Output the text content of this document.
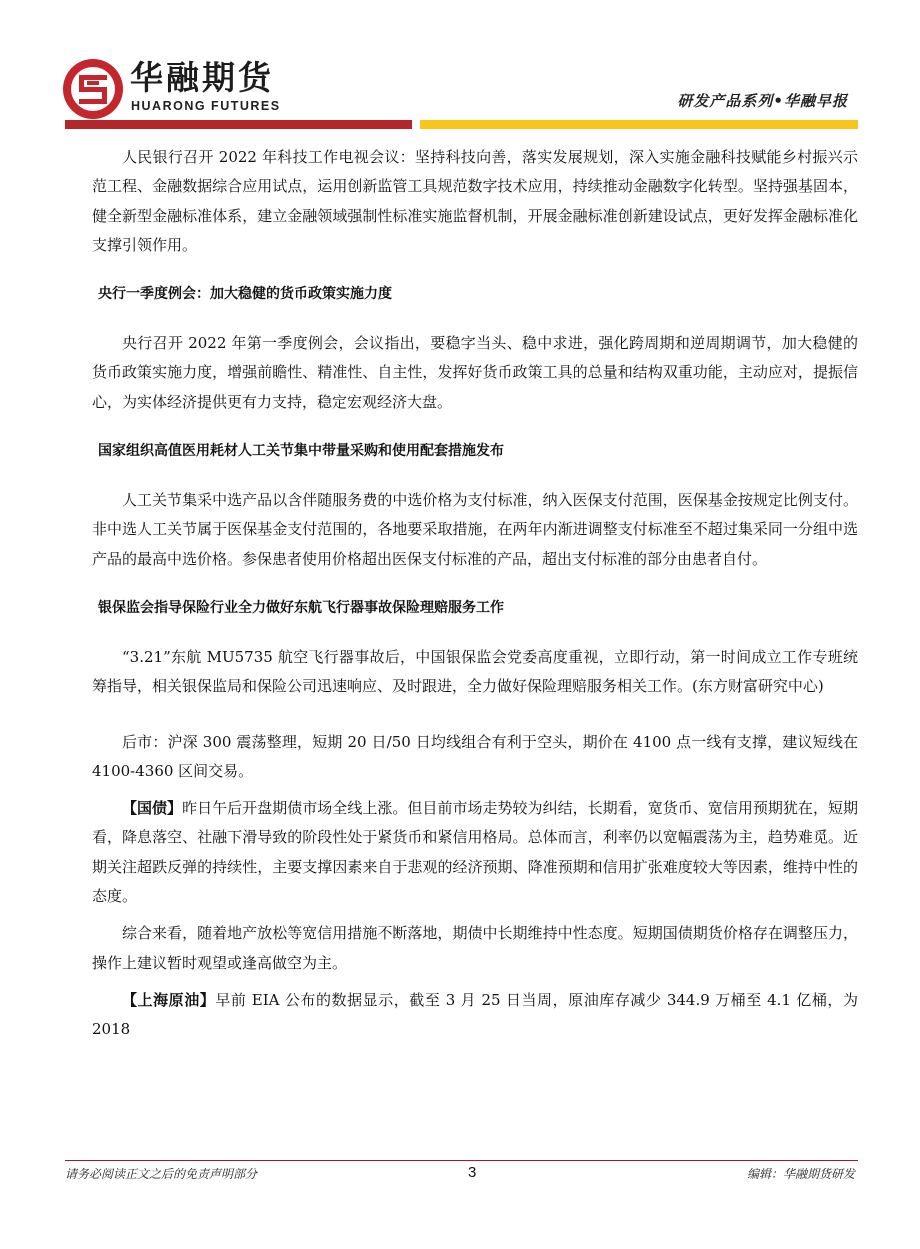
华融期货
HUARONG FUTURES	研发产品系列•华融早报

人民银行召开 2022 年科技工作电视会议：坚持科技向善，落实发展规划，深入实施金融科技赋能乡村振兴示范工程、金融数据综合应用试点，运用创新监管工具规范数字技术应用，持续推动金融数字化转型。坚持强基固本，健全新型金融标准体系，建立金融领域强制性标准实施监督机制，开展金融标准创新建设试点，更好发挥金融标准化支撑引领作用。

央行一季度例会：加大稳健的货币政策实施力度

央行召开 2022 年第一季度例会，会议指出，要稳字当头、稳中求进，强化跨周期和逆周期调节，加大稳健的货币政策实施力度，增强前瞻性、精准性、自主性，发挥好货币政策工具的总量和结构双重功能，主动应对，提振信心，为实体经济提供更有力支持，稳定宏观经济大盘。

国家组织高值医用耗材人工关节集中带量采购和使用配套措施发布

人工关节集采中选产品以含伴随服务费的中选价格为支付标准，纳入医保支付范围，医保基金按规定比例支付。非中选人工关节属于医保基金支付范围的，各地要采取措施，在两年内渐进调整支付标准至不超过集采同一分组中选产品的最高中选价格。参保患者使用价格超出医保支付标准的产品，超出支付标准的部分由患者自付。

银保监会指导保险行业全力做好东航飞行器事故保险理赔服务工作

“3.21”东航 MU5735 航空飞行器事故后，中国银保监会党委高度重视，立即行动，第一时间成立工作专班统筹指导，相关银保监局和保险公司迅速响应、及时跟进，全力做好保险理赔服务相关工作。(东方财富研究中心)

后市：沪深 300 震荡整理，短期 20 日/50 日均线组合有利于空头，期价在 4100 点一线有支撑，建议短线在 4100-4360 区间交易。

【国债】昨日午后开盘期债市场全线上涨。但目前市场走势较为纠结，长期看，宽货币、宽信用预期犹在，短期看，降息落空、社融下滑导致的阶段性处于紧货币和紧信用格局。总体而言，利率仍以宽幅震荡为主，趋势难觅。近期关注超跌反弹的持续性，主要支撑因素来自于悲观的经济预期、降准预期和信用扩张难度较大等因素，维持中性的态度。

综合来看，随着地产放松等宽信用措施不断落地，期债中长期维持中性态度。短期国债期货价格存在调整压力，操作上建议暂时观望或逢高做空为主。

【上海原油】早前 EIA 公布的数据显示，截至 3 月 25 日当周，原油库存减少 344.9 万桶至 4.1 亿桶，为 2018

请务必阅读正文之后的免责声明部分	3	编辑：华融期货研发
